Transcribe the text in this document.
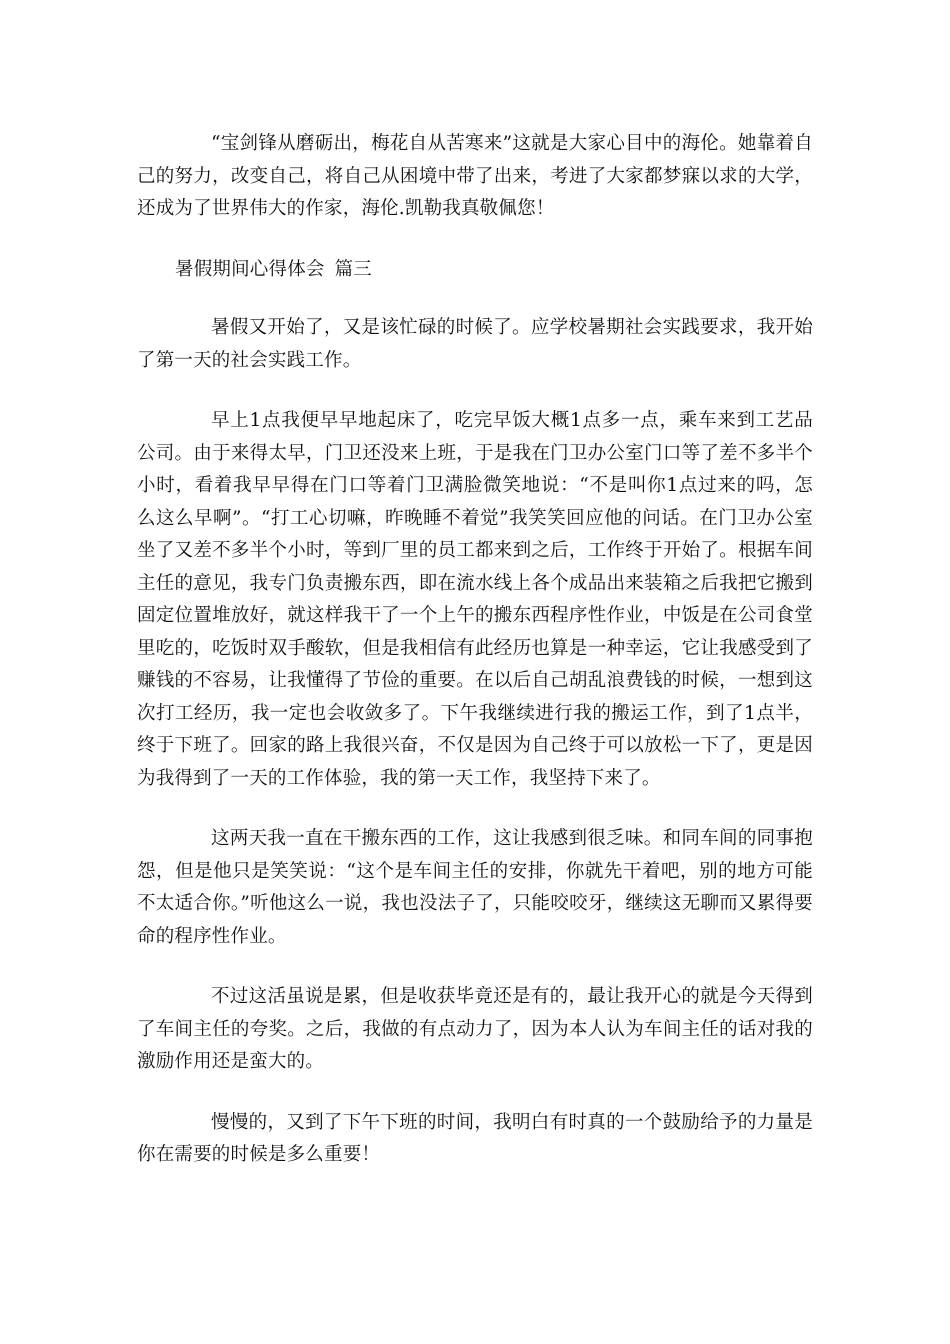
“宝剑锋从磨砺出，梅花自从苦寒来”这就是大家心目中的海伦。她靠着自己的努力，改变自己，将自己从困境中带了出来，考进了大家都梦寐以求的大学，还成为了世界伟大的作家，海伦.凯勒我真敬佩您！

暑假期间心得体会 篇三

暑假又开始了，又是该忙碌的时候了。应学校暑期社会实践要求，我开始了第一天的社会实践工作。

早上1点我便早早地起床了，吃完早饭大概1点多一点，乘车来到工艺品公司。由于来得太早，门卫还没来上班，于是我在门卫办公室门口等了差不多半个小时，看着我早早得在门口等着门卫满脸微笑地说：“不是叫你1点过来的吗，怎么这么早啊”。“打工心切嘛，昨晚睡不着觉”我笑笑回应他的问话。在门卫办公室坐了又差不多半个小时，等到厂里的员工都来到之后，工作终于开始了。根据车间主任的意见，我专门负责搬东西，即在流水线上各个成品出来装箱之后我把它搬到固定位置堆放好，就这样我干了一个上午的搬东西程序性作业，中饭是在公司食堂里吃的，吃饭时双手酸软，但是我相信有此经历也算是一种幸运，它让我感受到了赚钱的不容易，让我懂得了节俭的重要。在以后自己胡乱浪费钱的时候，一想到这次打工经历，我一定也会收敛多了。下午我继续进行我的搬运工作，到了1点半，终于下班了。回家的路上我很兴奋，不仅是因为自己终于可以放松一下了，更是因为我得到了一天的工作体验，我的第一天工作，我坚持下来了。

这两天我一直在干搬东西的工作，这让我感到很乏味。和同车间的同事抱怨，但是他只是笑笑说：“这个是车间主任的安排，你就先干着吧，别的地方可能不太适合你。”听他这么一说，我也没法子了，只能咬咬牙，继续这无聊而又累得要命的程序性作业。

不过这活虽说是累，但是收获毕竟还是有的，最让我开心的就是今天得到了车间主任的夸奖。之后，我做的有点动力了，因为本人认为车间主任的话对我的激励作用还是蛮大的。

慢慢的，又到了下午下班的时间，我明白有时真的一个鼓励给予的力量是你在需要的时候是多么重要！
